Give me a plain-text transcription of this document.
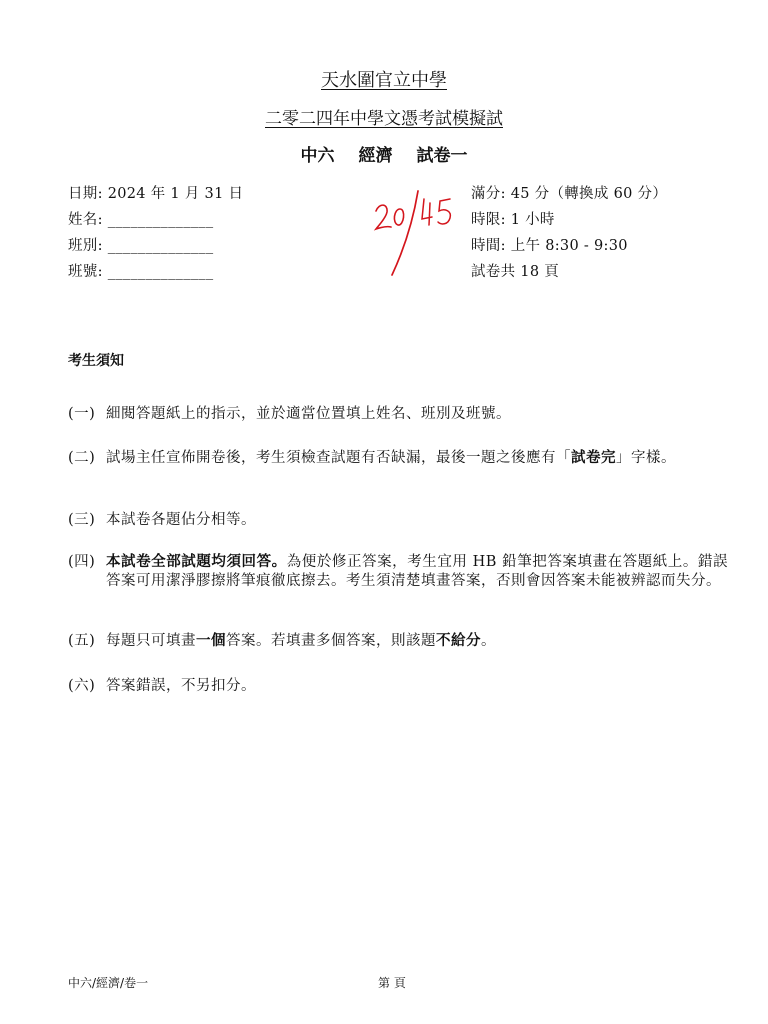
天水圍官立中學
二零二四年中學文憑考試模擬試
中六 經濟 試卷一
日期: 2024 年 1 月 31 日
姓名: ______________
班別: ______________
班號: ______________
滿分: 45 分（轉換成 60 分）
時限: 1 小時
時間: 上午 8:30 - 9:30
試卷共 18 頁
考生須知
(一) 細閱答題紙上的指示，並於適當位置填上姓名、班別及班號。
(二) 試場主任宣佈開卷後，考生須檢查試題有否缺漏，最後一題之後應有「試卷完」字樣。
(三) 本試卷各題佔分相等。
(四) 本試卷全部試題均須回答。為便於修正答案，考生宜用 HB 鉛筆把答案填畫在答題紙上。錯誤答案可用潔淨膠擦將筆痕徹底擦去。考生須清楚填畫答案，否則會因答案未能被辨認而失分。
(五) 每題只可填畫一個答案。若填畫多個答案，則該題不給分。
(六) 答案錯誤，不另扣分。
中六/經濟/卷一	第 頁
